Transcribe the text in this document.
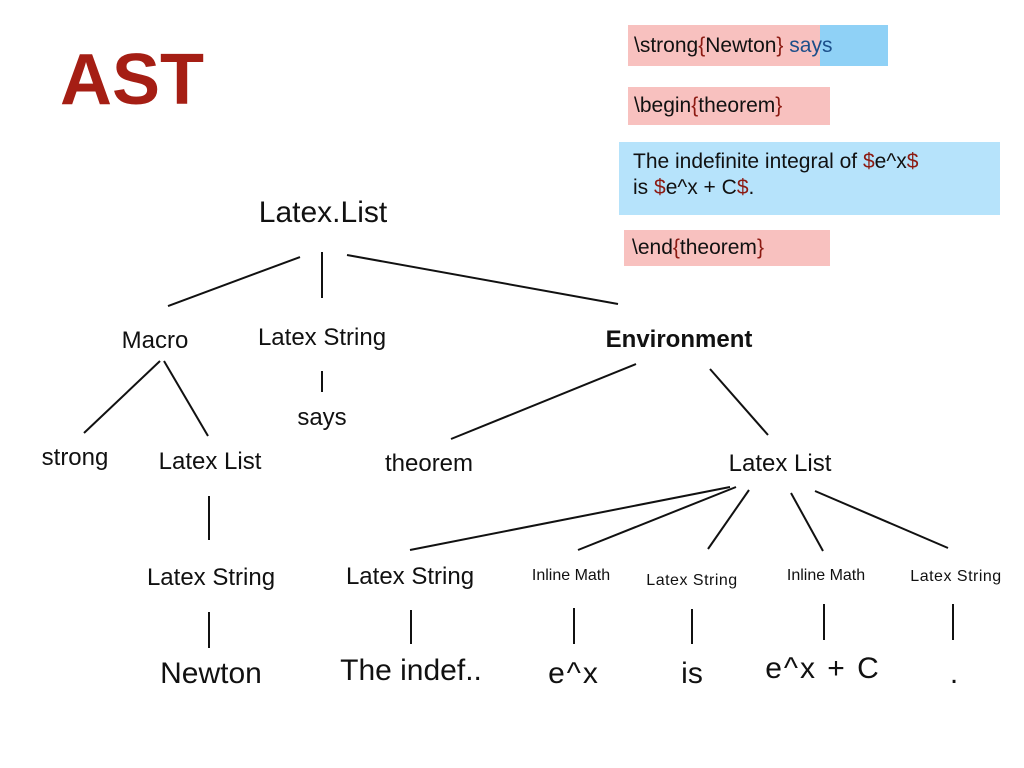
AST	\strong{Newton} says
\begin{theorem}
The indefinite integral of $e^x$
is $e^x + C$.
\end{theorem}
Latex.List
Macro	Latex String	Environment
says
strong Latex List	theorem	Latex List
Latex String	Latex String	Inline Math Latex String	Inline Math	Latex String
Newton	The indef.. e^x	is e^x + C .
